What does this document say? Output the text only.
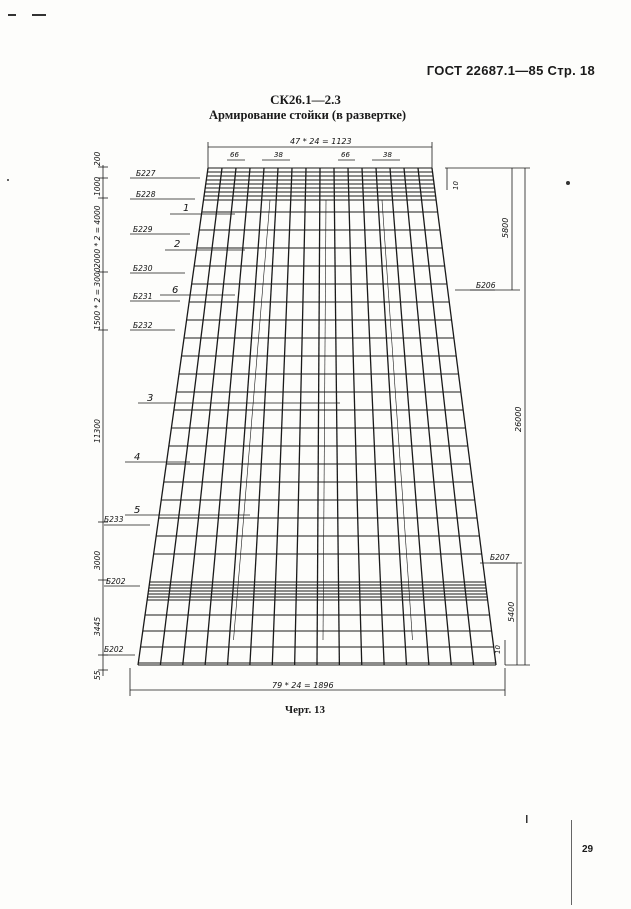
ГОСТ 22687.1—85 Стр. 18
СК26.1—2.3
Армирование стойки (в развертке)
47 * 24 = 1123
66	38	66	38
79 * 24 = 1896
200
1000
2000 * 2 = 4000
1500 * 2 = 3000
11300
3000
3445
55
5800
26000
5400
10
10
Б227
Б228
Б229
Б230
Б231
Б232
Б233
Б202
Б202
Б206
Б207
1
2
6
3
4
5
Черт. 13
29
